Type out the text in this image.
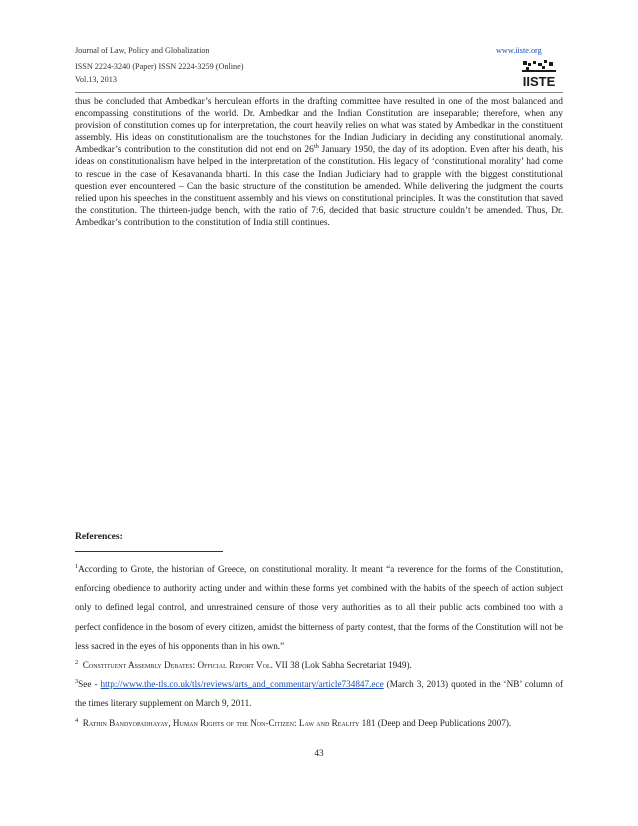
Journal of Law, Policy and Globalization	www.iiste.org
ISSN 2224-3240 (Paper) ISSN 2224-3259 (Online)
Vol.13, 2013	IISTE

thus be concluded that Ambedkar’s herculean efforts in the drafting committee have resulted in one of the most balanced and encompassing constitutions of the world. Dr. Ambedkar and the Indian Constitution are inseparable; therefore, when any provision of constitution comes up for interpretation, the court heavily relies on what was stated by Ambedkar in the constituent assembly. His ideas on constitutionalism are the touchstones for the Indian Judiciary in deciding any constitutional anomaly. Ambedkar’s contribution to the constitution did not end on 26th January 1950, the day of its adoption. Even after his death, his ideas on constitutionalism have helped in the interpretation of the constitution. His legacy of ‘constitutional morality’ had come to rescue in the case of Kesavananda bharti. In this case the Indian Judiciary had to grapple with the biggest constitutional question ever encountered – Can the basic structure of the constitution be amended. While delivering the judgment the courts relied upon his speeches in the constituent assembly and his views on constitutional principles. It was the constitution that saved the constitution. The thirteen-judge bench, with the ratio of 7:6, decided that basic structure couldn’t be amended. Thus, Dr. Ambedkar’s contribution to the constitution of India still continues.

References:

$^1$According to Grote, the historian of Greece, on constitutional morality. It meant “a reverence for the forms of the Constitution, enforcing obedience to authority acting under and within these forms yet combined with the habits of the speech of action subject only to defined legal control, and unrestrained censure of those very authorities as to all their public acts combined too with a perfect confidence in the bosom of every citizen, amidst the bitterness of party contest, that the forms of the Constitution will not be less sacred in the eyes of his opponents than in his own.”

$^2$ Constituent Assembly Debates: Official Report Vol. VII 38 (Lok Sabha Secretariat 1949).

$^3$See - http://www.the-tls.co.uk/tls/reviews/arts_and_commentary/article734847.ece (March 3, 2013) quoted in the ‘NB’ column of the times literary supplement on March 9, 2011.

$^4$ Rathin Bandyopadhayay, Human Rights of the Non-Citizen: Law and Reality 181 (Deep and Deep Publications 2007).

43
